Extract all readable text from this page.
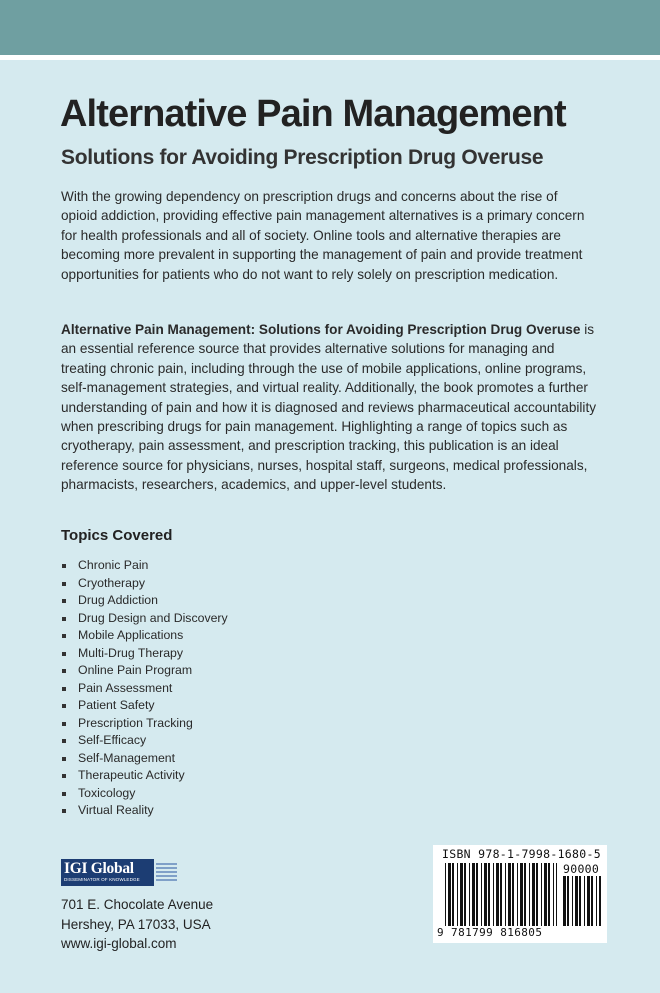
Alternative Pain Management
Solutions for Avoiding Prescription Drug Overuse

With the growing dependency on prescription drugs and concerns about the rise of opioid addiction, providing effective pain management alternatives is a primary concern for health professionals and all of society. Online tools and alternative therapies are becoming more prevalent in supporting the management of pain and provide treatment opportunities for patients who do not want to rely solely on prescription medication.

Alternative Pain Management: Solutions for Avoiding Prescription Drug Overuse is an essential reference source that provides alternative solutions for managing and treating chronic pain, including through the use of mobile applications, online programs, self-management strategies, and virtual reality. Additionally, the book promotes a further understanding of pain and how it is diagnosed and reviews pharmaceutical accountability when prescribing drugs for pain management. Highlighting a range of topics such as cryotherapy, pain assessment, and prescription tracking, this publication is an ideal reference source for physicians, nurses, hospital staff, surgeons, medical professionals, pharmacists, researchers, academics, and upper-level students.

Topics Covered
Chronic Pain
Cryotherapy
Drug Addiction
Drug Design and Discovery
Mobile Applications
Multi-Drug Therapy
Online Pain Program
Pain Assessment
Patient Safety
Prescription Tracking
Self-Efficacy
Self-Management
Therapeutic Activity
Toxicology
Virtual Reality
IGI Global
DISSEMINATOR OF KNOWLEDGE
701 E. Chocolate Avenue
Hershey, PA 17033, USA
www.igi-global.com
ISBN 978-1-7998-1680-5
90000
9 781799 816805
